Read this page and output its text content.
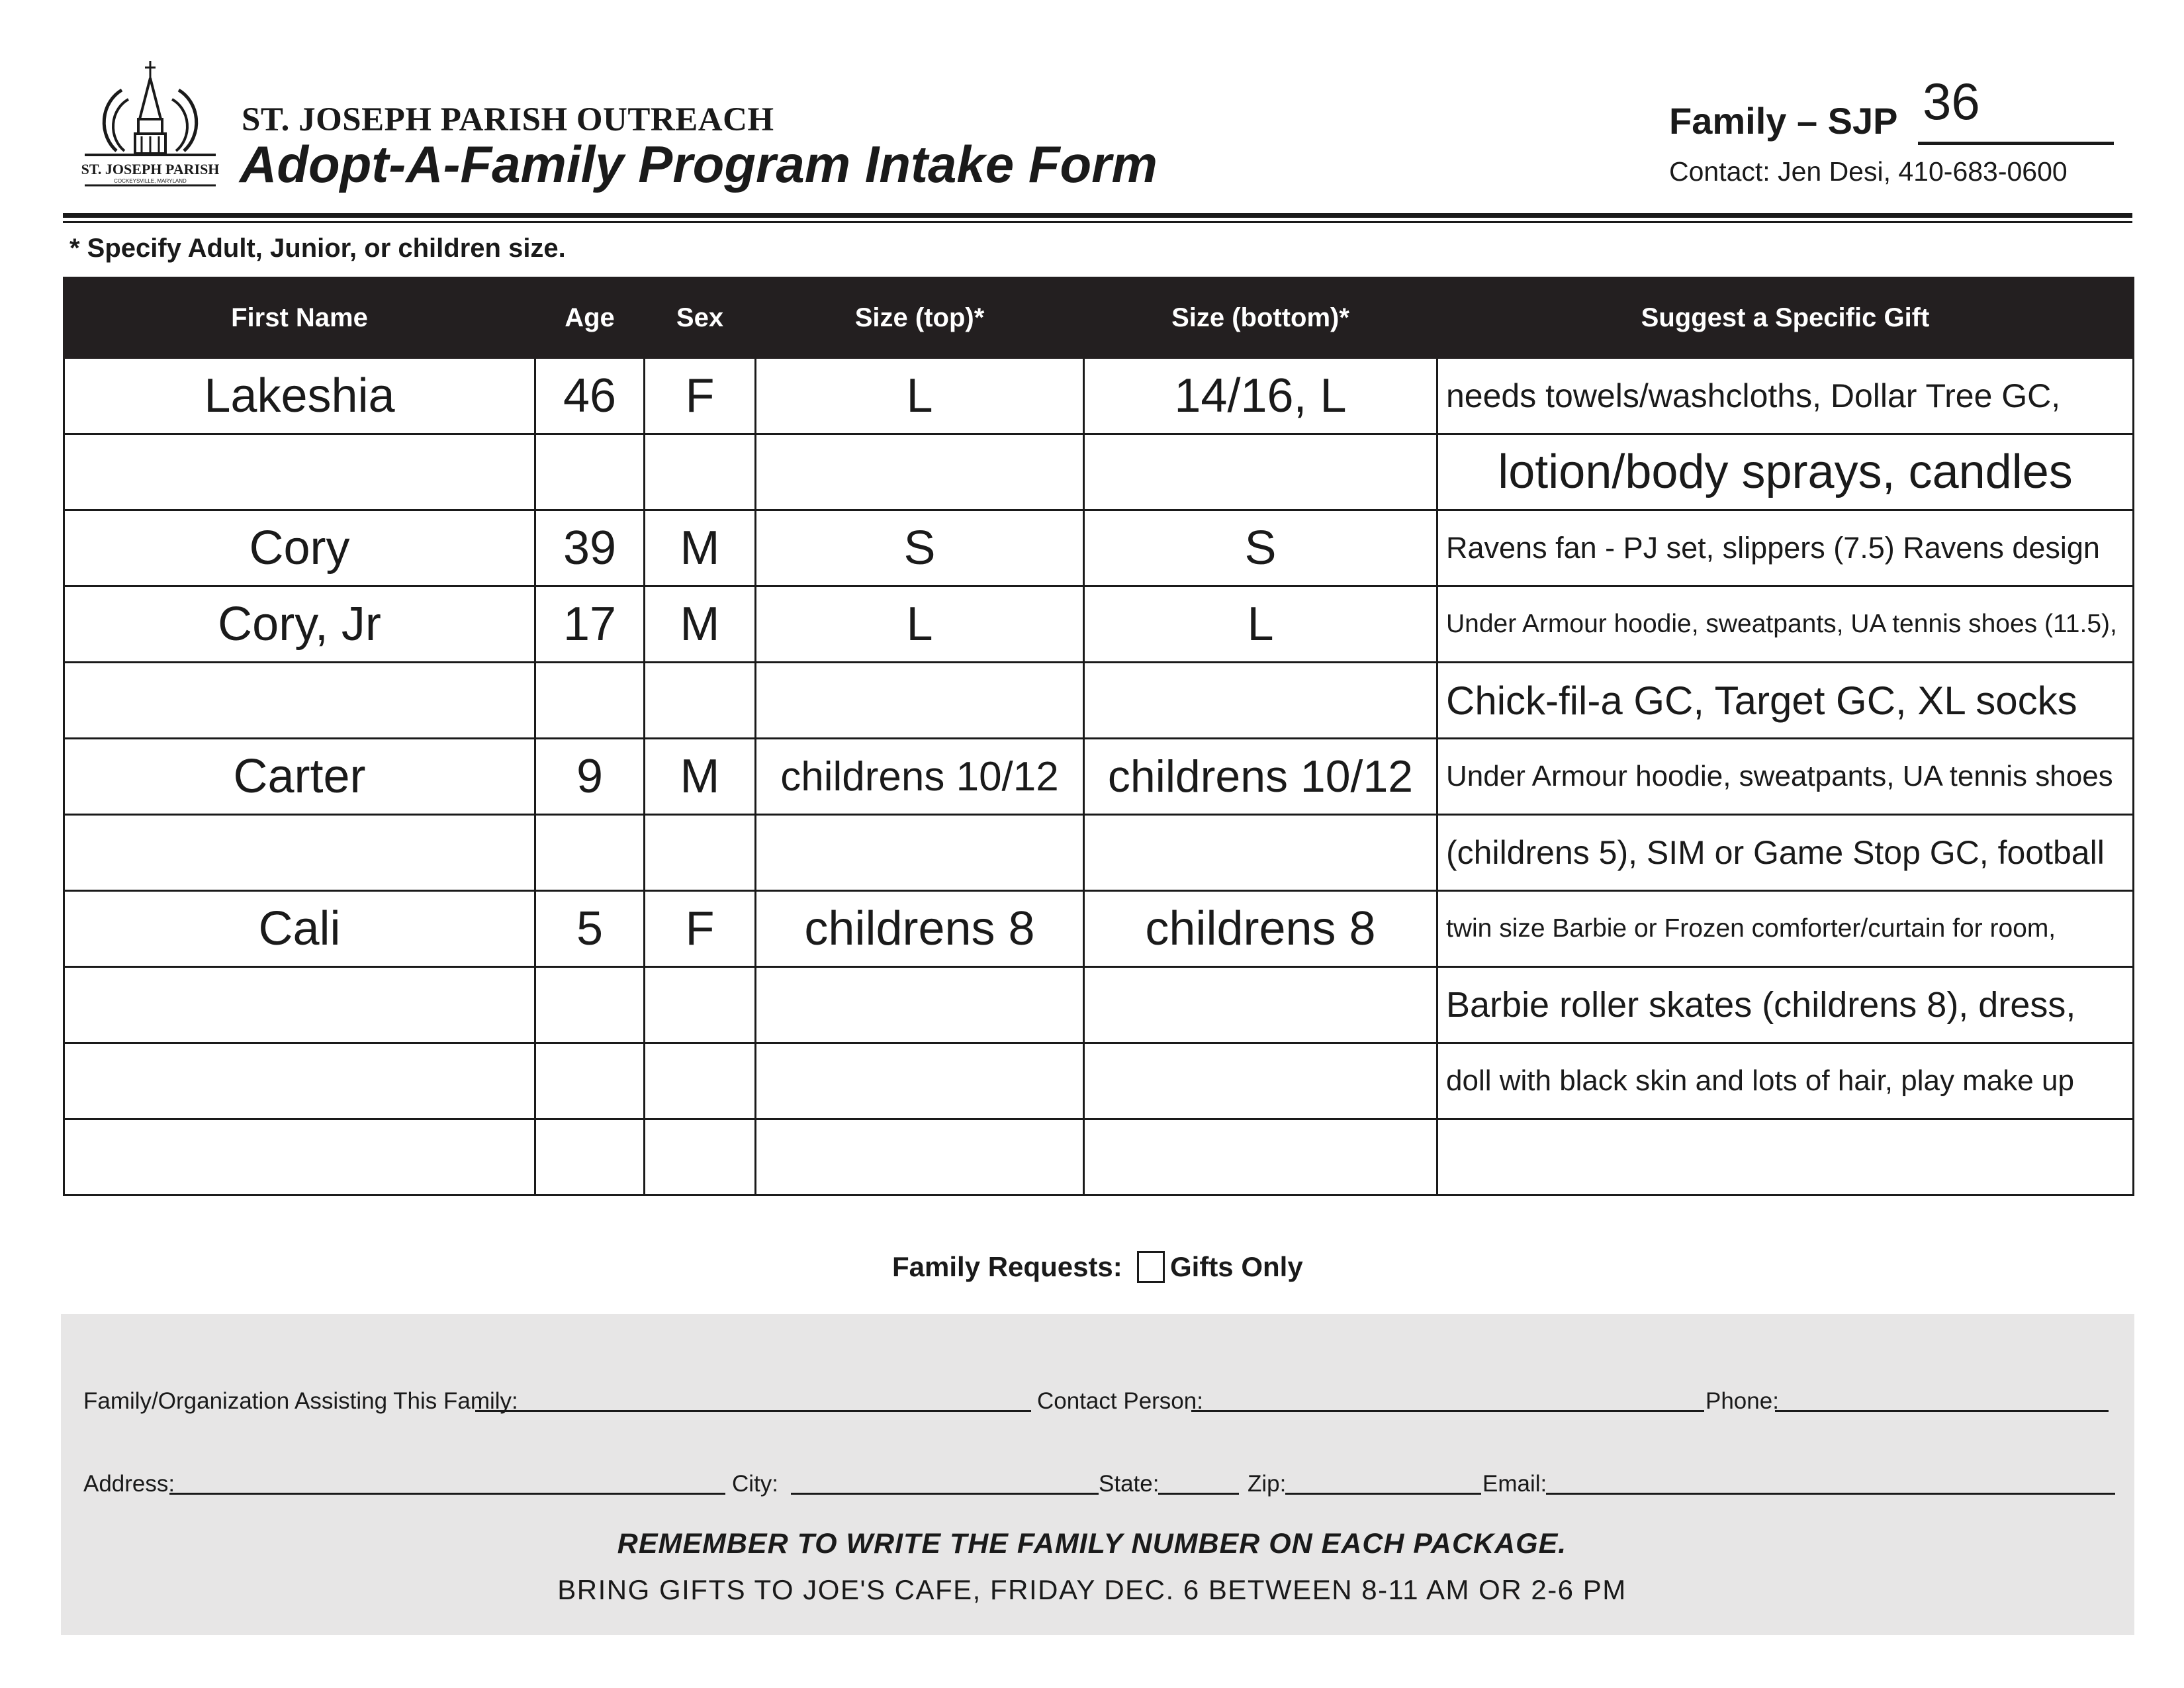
ST. JOSEPH PARISH
COCKEYSVILLE, MARYLAND
ST. JOSEPH PARISH OUTREACH
Adopt-A-Family Program Intake Form
Family – SJP 36
Contact: Jen Desi, 410-683-0600
* Specify Adult, Junior, or children size.
First Name	Age	Sex	Size (top)*	Size (bottom)*	Suggest a Specific Gift
Lakeshia	46	F	L	14/16, L	needs towels/washcloths, Dollar Tree GC,
					lotion/body sprays, candles
Cory	39	M	S	S	Ravens fan - PJ set, slippers (7.5) Ravens design
Cory, Jr	17	M	L	L	Under Armour hoodie, sweatpants, UA tennis shoes (11.5),
					Chick-fil-a GC, Target GC, XL socks
Carter	9	M	childrens 10/12	childrens 10/12	Under Armour hoodie, sweatpants, UA tennis shoes
					(childrens 5), SIM or Game Stop GC, football
Cali	5	F	childrens 8	childrens 8	twin size Barbie or Frozen comforter/curtain for room,
					Barbie roller skates (childrens 8), dress,
					doll with black skin and lots of hair, play make up

Family Requests: Gifts Only
Family/Organization Assisting This Family:	Contact Person:	Phone:
Address:	City:	State:	Zip:	Email:
REMEMBER TO WRITE THE FAMILY NUMBER ON EACH PACKAGE.
BRING GIFTS TO JOE'S CAFE, FRIDAY DEC. 6 BETWEEN 8-11 AM OR 2-6 PM
